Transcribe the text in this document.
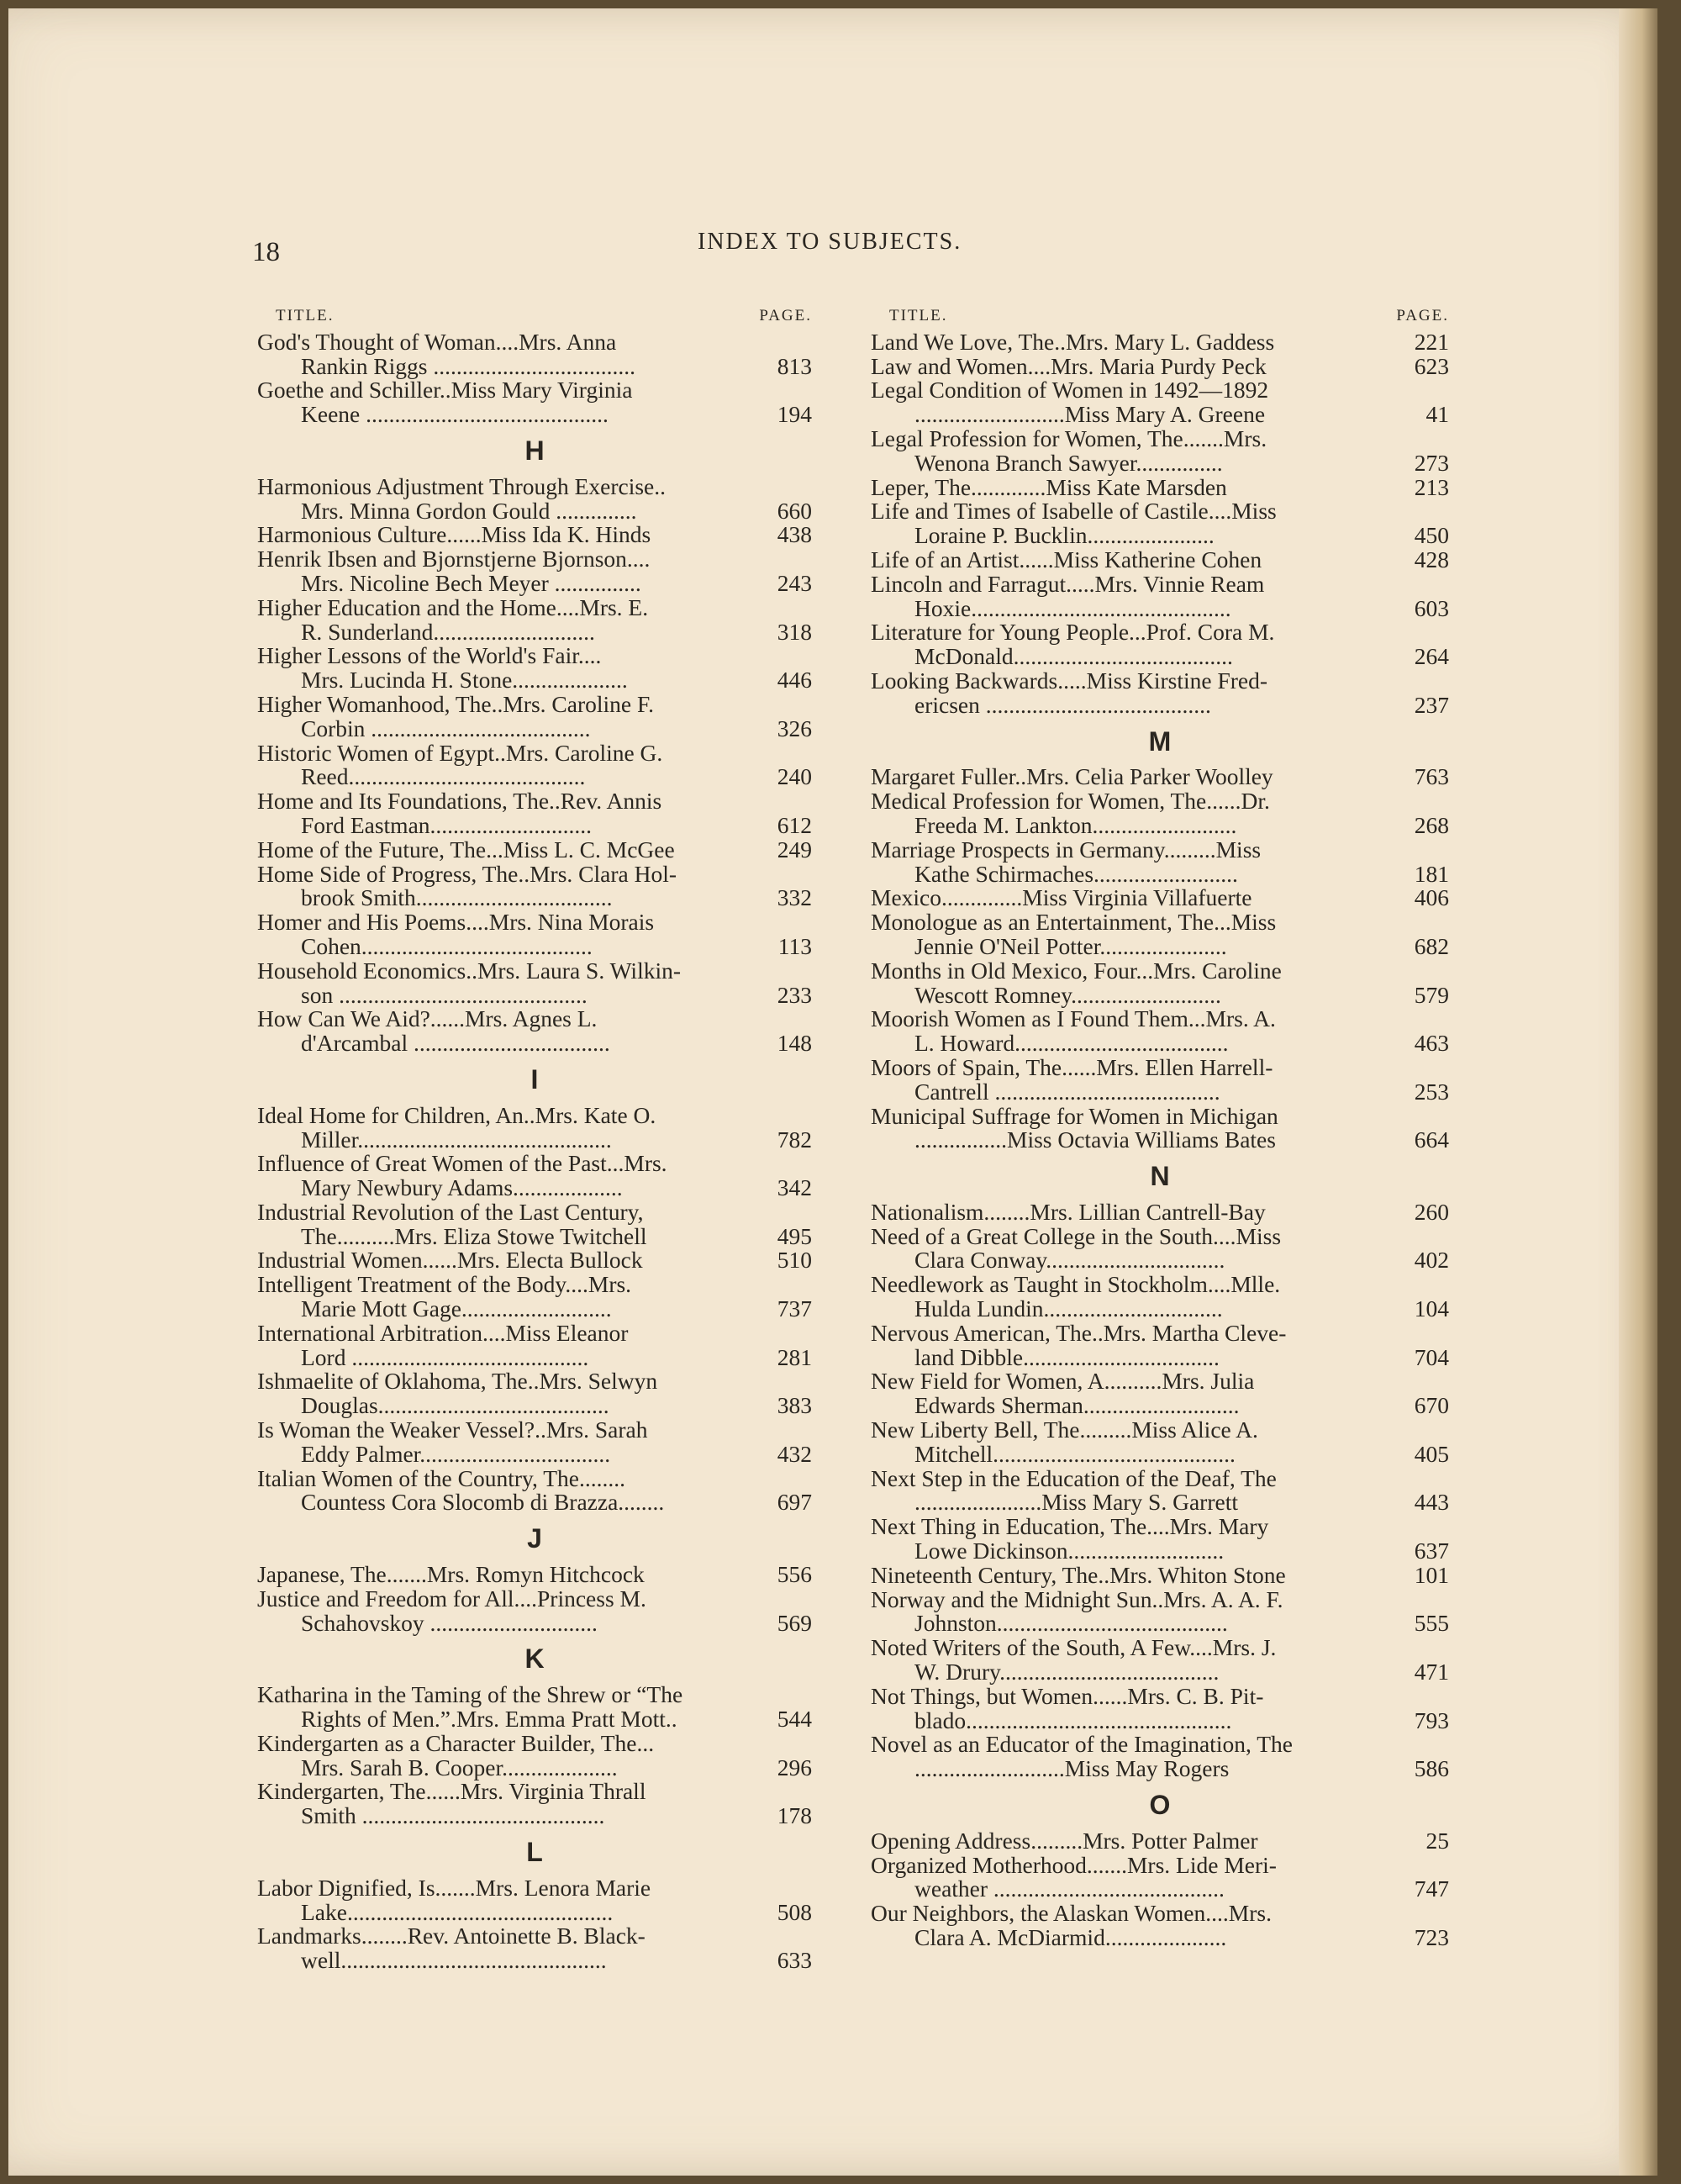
18	INDEX TO SUBJECTS.
TITLE.	PAGE.
God's Thought of Woman....Mrs. Anna
Rankin Riggs ...................................	813
Goethe and Schiller..Miss Mary Virginia
Keene ..........................................	194
H
Harmonious Adjustment Through Exercise..
Mrs. Minna Gordon Gould ..............	660
Harmonious Culture......Miss Ida K. Hinds	438
Henrik Ibsen and Bjornstjerne Bjornson....
Mrs. Nicoline Bech Meyer ...............	243
Higher Education and the Home....Mrs. E.
R. Sunderland............................	318
Higher Lessons of the World's Fair....
Mrs. Lucinda H. Stone....................	446
Higher Womanhood, The..Mrs. Caroline F.
Corbin ......................................	326
Historic Women of Egypt..Mrs. Caroline G.
Reed.........................................	240
Home and Its Foundations, The..Rev. Annis
Ford Eastman............................	612
Home of the Future, The...Miss L. C. McGee	249
Home Side of Progress, The..Mrs. Clara Hol-
brook Smith..................................	332
Homer and His Poems....Mrs. Nina Morais
Cohen........................................	113
Household Economics..Mrs. Laura S. Wilkin-
son ...........................................	233
How Can We Aid?......Mrs. Agnes L.
d'Arcambal ..................................	148
I
Ideal Home for Children, An..Mrs. Kate O.
Miller............................................	782
Influence of Great Women of the Past...Mrs.
Mary Newbury Adams...................	342
Industrial Revolution of the Last Century,
The..........Mrs. Eliza Stowe Twitchell	495
Industrial Women......Mrs. Electa Bullock	510
Intelligent Treatment of the Body....Mrs.
Marie Mott Gage..........................	737
International Arbitration....Miss Eleanor
Lord .........................................	281
Ishmaelite of Oklahoma, The..Mrs. Selwyn
Douglas........................................	383
Is Woman the Weaker Vessel?..Mrs. Sarah
Eddy Palmer.................................	432
Italian Women of the Country, The........
Countess Cora Slocomb di Brazza........	697
J
Japanese, The.......Mrs. Romyn Hitchcock	556
Justice and Freedom for All....Princess M.
Schahovskoy .............................	569
K
Katharina in the Taming of the Shrew or “The
Rights of Men.”.Mrs. Emma Pratt Mott..	544
Kindergarten as a Character Builder, The...
Mrs. Sarah B. Cooper....................	296
Kindergarten, The......Mrs. Virginia Thrall
Smith ..........................................	178
L
Labor Dignified, Is.......Mrs. Lenora Marie
Lake..............................................	508
Landmarks........Rev. Antoinette B. Black-
well..............................................	633
TITLE.	PAGE.
Land We Love, The..Mrs. Mary L. Gaddess	221
Law and Women....Mrs. Maria Purdy Peck	623
Legal Condition of Women in 1492—1892
..........................Miss Mary A. Greene	41
Legal Profession for Women, The.......Mrs.
Wenona Branch Sawyer...............	273
Leper, The.............Miss Kate Marsden	213
Life and Times of Isabelle of Castile....Miss
Loraine P. Bucklin......................	450
Life of an Artist......Miss Katherine Cohen	428
Lincoln and Farragut.....Mrs. Vinnie Ream
Hoxie.............................................	603
Literature for Young People...Prof. Cora M.
McDonald......................................	264
Looking Backwards.....Miss Kirstine Fred-
ericsen .......................................	237
M
Margaret Fuller..Mrs. Celia Parker Woolley	763
Medical Profession for Women, The......Dr.
Freeda M. Lankton.........................	268
Marriage Prospects in Germany.........Miss
Kathe Schirmaches.........................	181
Mexico..............Miss Virginia Villafuerte	406
Monologue as an Entertainment, The...Miss
Jennie O'Neil Potter......................	682
Months in Old Mexico, Four...Mrs. Caroline
Wescott Romney..........................	579
Moorish Women as I Found Them...Mrs. A.
L. Howard.....................................	463
Moors of Spain, The......Mrs. Ellen Harrell-
Cantrell .......................................	253
Municipal Suffrage for Women in Michigan
................Miss Octavia Williams Bates	664
N
Nationalism........Mrs. Lillian Cantrell-Bay	260
Need of a Great College in the South....Miss
Clara Conway...............................	402
Needlework as Taught in Stockholm....Mlle.
Hulda Lundin...............................	104
Nervous American, The..Mrs. Martha Cleve-
land Dibble..................................	704
New Field for Women, A..........Mrs. Julia
Edwards Sherman...........................	670
New Liberty Bell, The.........Miss Alice A.
Mitchell..........................................	405
Next Step in the Education of the Deaf, The
......................Miss Mary S. Garrett	443
Next Thing in Education, The....Mrs. Mary
Lowe Dickinson...........................	637
Nineteenth Century, The..Mrs. Whiton Stone	101
Norway and the Midnight Sun..Mrs. A. A. F.
Johnston........................................	555
Noted Writers of the South, A Few....Mrs. J.
W. Drury......................................	471
Not Things, but Women......Mrs. C. B. Pit-
blado..............................................	793
Novel as an Educator of the Imagination, The
..........................Miss May Rogers	586
O
Opening Address.........Mrs. Potter Palmer	25
Organized Motherhood.......Mrs. Lide Meri-
weather ........................................	747
Our Neighbors, the Alaskan Women....Mrs.
Clara A. McDiarmid.....................	723
